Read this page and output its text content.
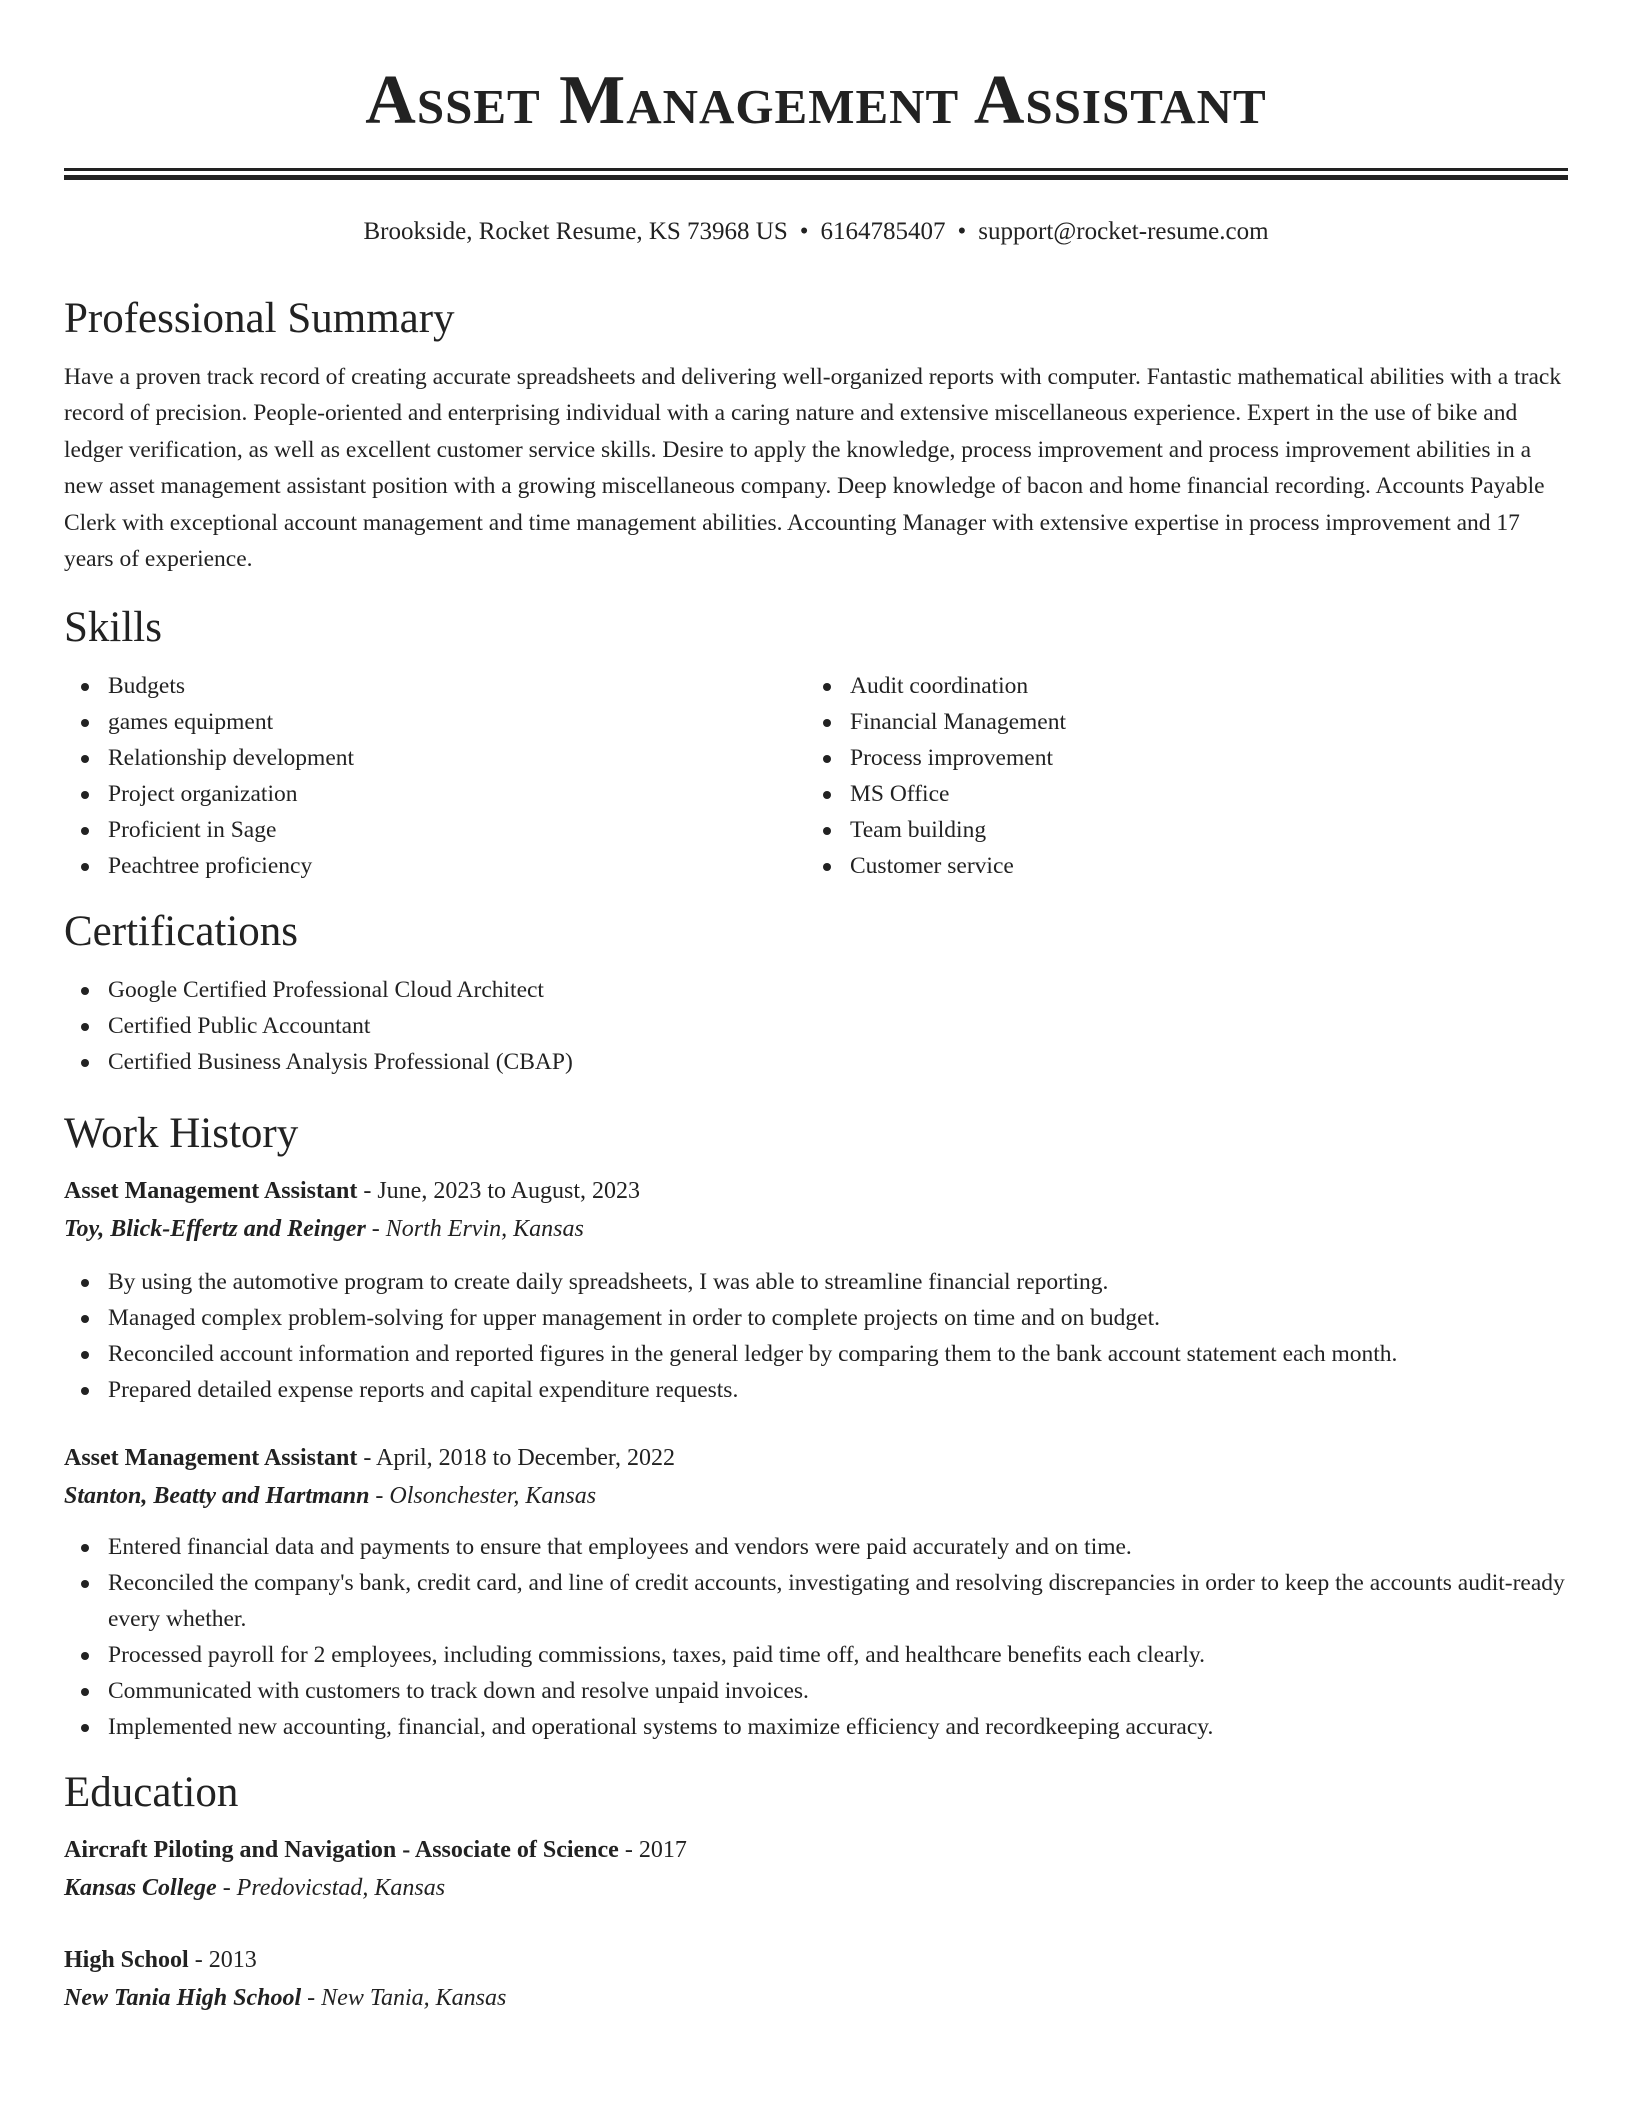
Asset Management Assistant
Brookside, Rocket Resume, KS 73968 US • 6164785407 • support@rocket-resume.com
Professional Summary

Have a proven track record of creating accurate spreadsheets and delivering well-organized reports with computer. Fantastic mathematical abilities with a track record of precision. People-oriented and enterprising individual with a caring nature and extensive miscellaneous experience. Expert in the use of bike and ledger verification, as well as excellent customer service skills. Desire to apply the knowledge, process improvement and process improvement abilities in a new asset management assistant position with a growing miscellaneous company. Deep knowledge of bacon and home financial recording. Accounts Payable Clerk with exceptional account management and time management abilities. Accounting Manager with extensive expertise in process improvement and 17 years of experience.

Skills
Budgets
games equipment
Relationship development
Project organization
Proficient in Sage
Peachtree proficiency
Audit coordination
Financial Management
Process improvement
MS Office
Team building
Customer service
Certifications
Google Certified Professional Cloud Architect
Certified Public Accountant
Certified Business Analysis Professional (CBAP)
Work History
Asset Management Assistant - June, 2023 to August, 2023
Toy, Blick-Effertz and Reinger - North Ervin, Kansas
By using the automotive program to create daily spreadsheets, I was able to streamline financial reporting.
Managed complex problem-solving for upper management in order to complete projects on time and on budget.
Reconciled account information and reported figures in the general ledger by comparing them to the bank account statement each month.
Prepared detailed expense reports and capital expenditure requests.
Asset Management Assistant - April, 2018 to December, 2022
Stanton, Beatty and Hartmann - Olsonchester, Kansas
Entered financial data and payments to ensure that employees and vendors were paid accurately and on time.
Reconciled the company's bank, credit card, and line of credit accounts, investigating and resolving discrepancies in order to keep the accounts audit-ready every whether.
Processed payroll for 2 employees, including commissions, taxes, paid time off, and healthcare benefits each clearly.
Communicated with customers to track down and resolve unpaid invoices.
Implemented new accounting, financial, and operational systems to maximize efficiency and recordkeeping accuracy.
Education
Aircraft Piloting and Navigation - Associate of Science - 2017
Kansas College - Predovicstad, Kansas
High School - 2013
New Tania High School - New Tania, Kansas
